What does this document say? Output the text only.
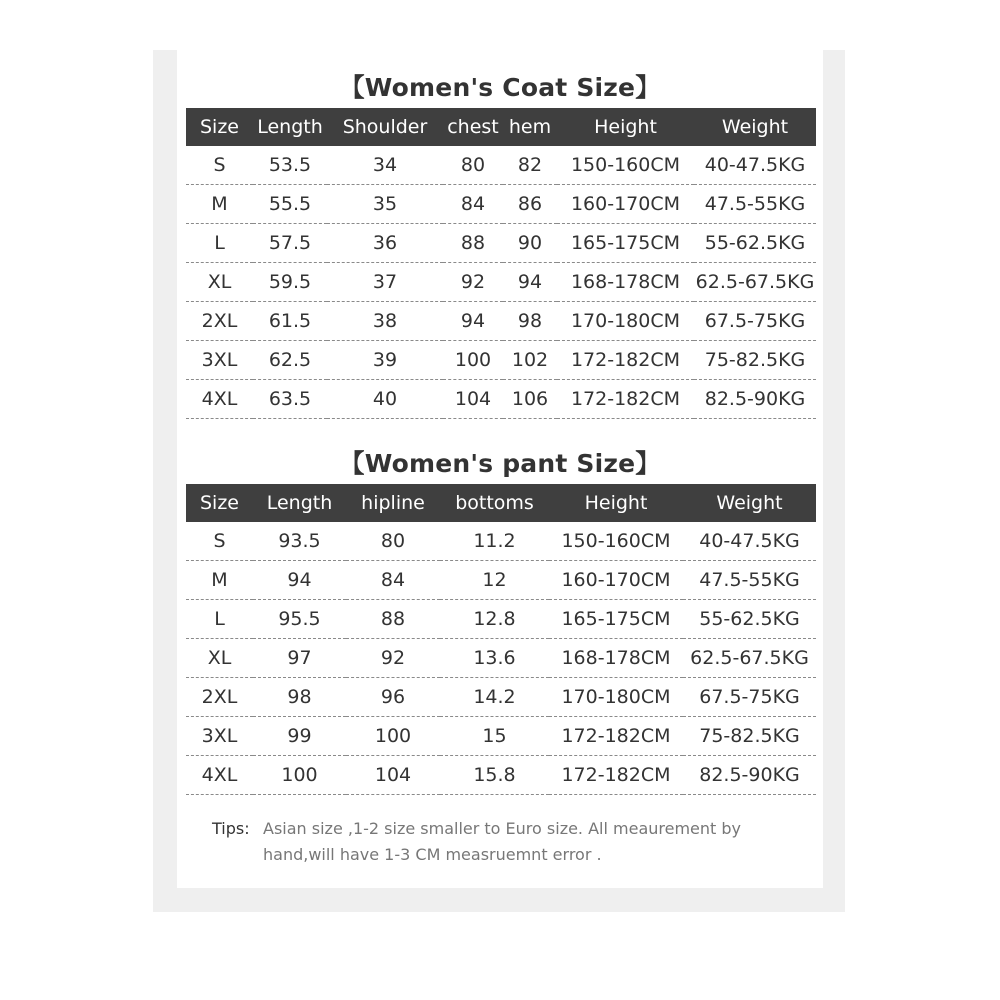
【Women's Coat Size】
Size	Length	Shoulder	chest	hem	Height	Weight
S	53.5	34	80	82	150-160CM	40-47.5KG
M	55.5	35	84	86	160-170CM	47.5-55KG
L	57.5	36	88	90	165-175CM	55-62.5KG
XL	59.5	37	92	94	168-178CM	62.5-67.5KG
2XL	61.5	38	94	98	170-180CM	67.5-75KG
3XL	62.5	39	100	102	172-182CM	75-82.5KG
4XL	63.5	40	104	106	172-182CM	82.5-90KG
【Women's pant Size】
Size	Length	hipline	bottoms	Height	Weight
S	93.5	80	11.2	150-160CM	40-47.5KG
M	94	84	12	160-170CM	47.5-55KG
L	95.5	88	12.8	165-175CM	55-62.5KG
XL	97	92	13.6	168-178CM	62.5-67.5KG
2XL	98	96	14.2	170-180CM	67.5-75KG
3XL	99	100	15	172-182CM	75-82.5KG
4XL	100	104	15.8	172-182CM	82.5-90KG
Tips: Asian size ,1-2 size smaller to Euro size. All meaurement by hand,will have 1-3 CM measruemnt error .
